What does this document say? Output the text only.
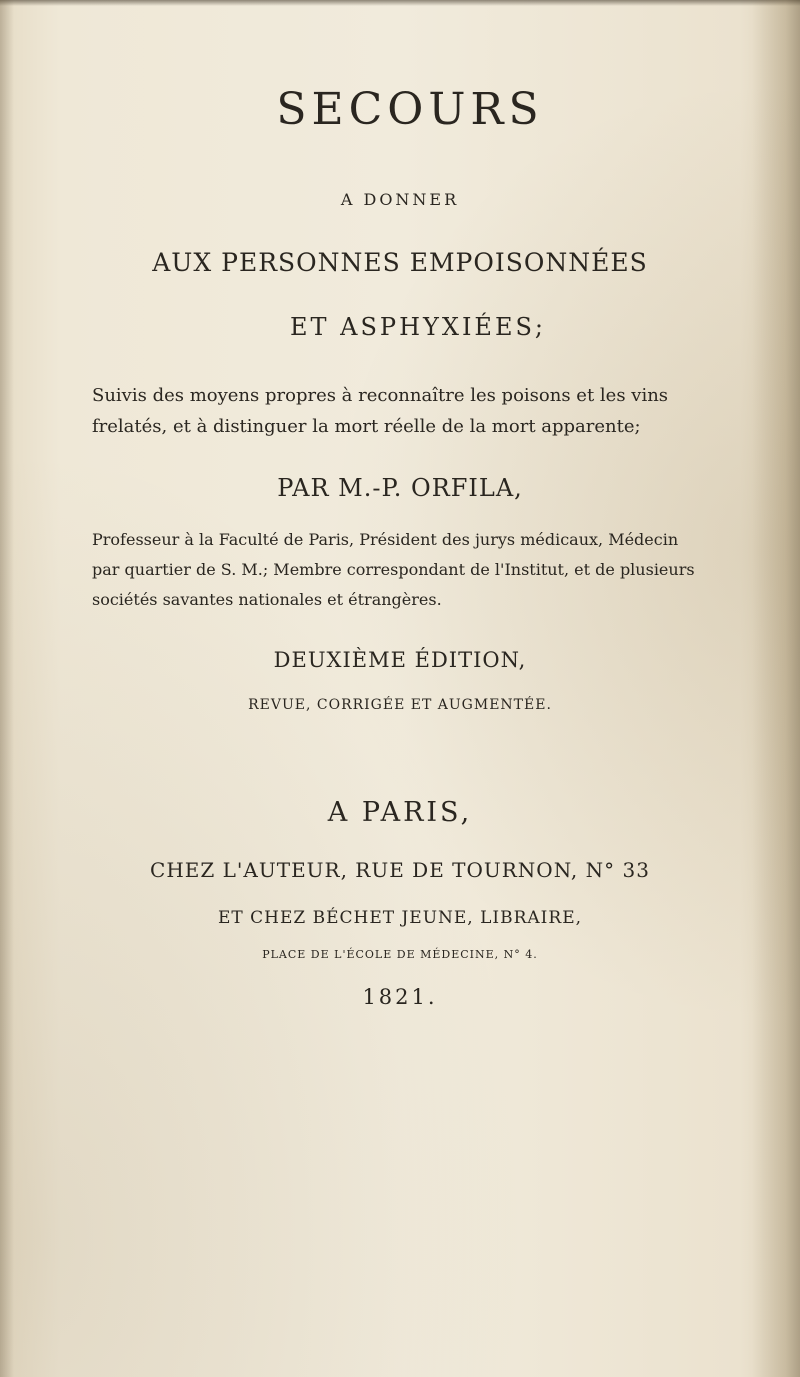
SECOURS
A DONNER
AUX PERSONNES EMPOISONNÉES
ET ASPHYXIÉES;
Suivis des moyens propres à reconnaître les poisons et les vins frelatés, et à distinguer la mort réelle de la mort apparente;
PAR M.-P. ORFILA,
Professeur à la Faculté de Paris, Président des jurys médicaux, Médecin par quartier de S. M.; Membre correspondant de l'Institut, et de plusieurs sociétés savantes nationales et étrangères.
DEUXIÈME ÉDITION,
REVUE, CORRIGÉE ET AUGMENTÉE.
A PARIS,
CHEZ L'AUTEUR, RUE DE TOURNON, N° 33
ET CHEZ BÉCHET JEUNE, LIBRAIRE,
PLACE DE L'ÉCOLE DE MÉDECINE, N° 4.
1821.
